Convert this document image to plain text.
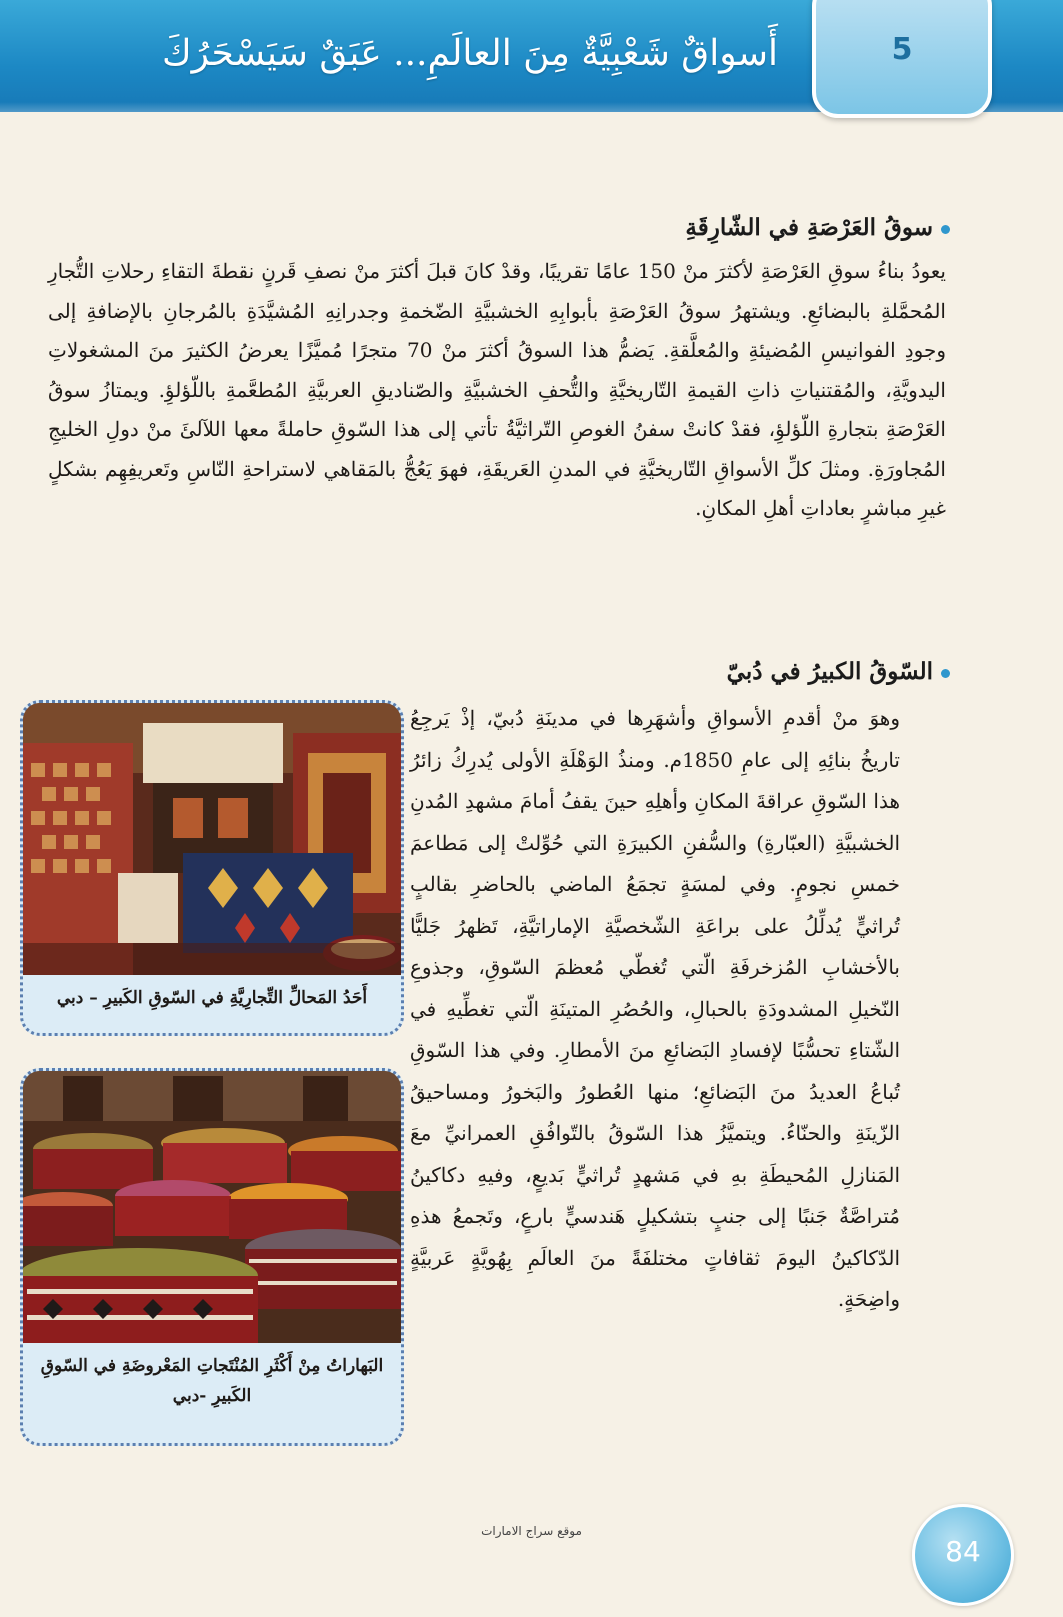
أَسواقٌ شَعْبِيَّةٌ مِنَ العالَمِ... عَبَقٌ سَيَسْحَرُكَ	5
سوقُ العَرْصَةِ في الشّارِقَةِ
يعودُ بناءُ سوقِ العَرْصَةِ لأكثرَ منْ 150 عامًا تقريبًا، وقدْ كانَ قبلَ أكثرَ منْ نصفِ قَرنٍ نقطةَ التقاءِ رحلاتِ التُّجارِ المُحمَّلةِ بالبضائعِ. ويشتهرُ سوقُ العَرْصَةِ بأبوابِهِ الخشبيَّةِ الضّخمةِ وجدرانِهِ المُشيَّدَةِ بالمُرجانِ بالإضافةِ إلى وجودِ الفوانيسِ المُضيئةِ والمُعلَّقةِ. يَضمُّ هذا السوقُ أكثرَ منْ 70 متجرًا مُميَّزًا يعرضُ الكثيرَ منَ المشغولاتِ اليدويَّةِ، والمُقتنياتِ ذاتِ القيمةِ التّاريخيَّةِ والتُّحفِ الخشبيَّةِ والصّناديقِ العربيَّةِ المُطعَّمةِ باللّؤلؤِ. ويمتازُ سوقُ العَرْصَةِ بتجارةِ اللّؤلؤِ، فقدْ كانتْ سفنُ الغوصِ التّراثيَّةُ تأتي إلى هذا السّوقِ حاملةً معها اللآلئَ منْ دولِ الخليجِ المُجاورَةِ. ومثلَ كلِّ الأسواقِ التّاريخيَّةِ في المدنِ العَريقَةِ، فهوَ يَعُجُّ بالمَقاهي لاستراحةِ النّاسِ وتَعريفِهِم بشكلٍ غيرِ مباشرٍ بعاداتِ أهلِ المكانِ.
السّوقُ الكبيرُ في دُبيّ
وهوَ منْ أقدمِ الأسواقِ وأشهَرِها في مدينَةِ دُبيّ، إذْ يَرجِعُ تاريخُ بنائِهِ إلى عامِ 1850م. ومنذُ الوَهْلَةِ الأولى يُدرِكُ زائرُ هذا السّوقِ عراقةَ المكانِ وأهلِهِ حينَ يقفُ أمامَ مشهدِ المُدنِ الخشبيَّةِ (العبّارةِ) والسُّفنِ الكبيرَةِ التي حُوِّلتْ إلى مَطاعمَ خمسِ نجومٍ. وفي لمسَةٍ تجمَعُ الماضي بالحاضرِ بقالبٍ تُراثيٍّ يُدلِّلُ على براعَةِ الشّخصيَّةِ الإماراتيَّةِ، تَظهرُ جَليًّا بالأخشابِ المُزخرفَةِ الّتي تُغطّي مُعظمَ السّوقِ، وجذوعِ النّخيلِ المشدودَةِ بالحبالِ، والحُصُرِ المتينَةِ الّتي تغطِّيهِ في الشّتاءِ تحسُّبًا لإفسادِ البَضائعِ منَ الأمطارِ. وفي هذا السّوقِ تُباعُ العديدُ منَ البَضائعِ؛ منها العُطورُ والبَخورُ ومساحيقُ الزّينَةِ والحنّاءُ. ويتميَّزُ هذا السّوقُ بالتّوافُقِ العمرانيِّ معَ المَنازلِ المُحيطَةِ بهِ في مَشهدٍ تُراثيٍّ بَديعٍ، وفيهِ دكاكينُ مُتراصَّةٌ جَنبًا إلى جنبٍ بتشكيلٍ هَندسيٍّ بارعٍ، وتَجمعُ هذهِ الدّكاكينُ اليومَ ثقافاتٍ مختلفَةً منَ العالَمِ بِهُويَّةٍ عَربيَّةٍ واضِحَةٍ.
أَحَدُ المَحالِّ التِّجارِيَّةِ في السّوقِ الكَبيرِ – دبي
البَهاراتُ مِنْ أَكْثَرِ المُنْتَجاتِ المَعْروضَةِ في السّوقِ الكَبيرِ -دبي
موقع سراج الامارات
84
